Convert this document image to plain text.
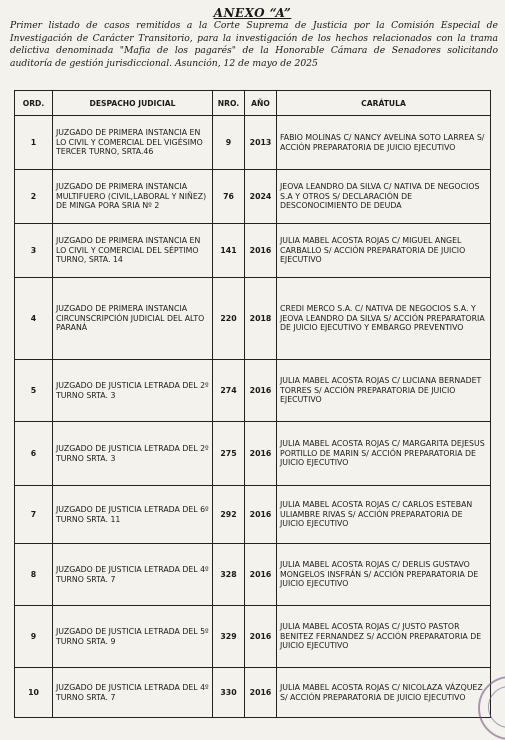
ANEXO “A”
Primer listado de casos remitidos a la Corte Suprema de Justicia por la Comisión Especial de Investigación de Carácter Transitorio, para la investigación de los hechos relacionados con la trama delictiva denominada "Mafia de los pagarés" de la Honorable Cámara de Senadores solicitando auditoría de gestión jurisdiccional. Asunción, 12 de mayo de 2025
ORD.	DESPACHO JUDICIAL	NRO.	AÑO	CARÁTULA
1	JUZGADO DE PRIMERA INSTANCIA EN LO CIVIL Y COMERCIAL DEL VIGÉSIMO TERCER TURNO, SRTA.46	9	2013	FABIO MOLINAS C/ NANCY AVELINA SOTO LARREA S/ ACCIÓN PREPARATORIA DE JUICIO EJECUTIVO
2	JUZGADO DE PRIMERA INSTANCIA MULTIFUERO (CIVIL,LABORAL Y NIÑEZ) DE MINGA PORA SRIA Nº 2	76	2024	JEOVA LEANDRO DA SILVA C/ NATIVA DE NEGOCIOS S.A Y OTROS S/ DECLARACIÓN DE DESCONOCIMIENTO DE DEUDA
3	JUZGADO DE PRIMERA INSTANCIA EN LO CIVIL Y COMERCIAL DEL SÉPTIMO TURNO, SRTA. 14	141	2016	JULIA MABEL ACOSTA ROJAS C/ MIGUEL ANGEL CARBALLO S/ ACCIÓN PREPARATORIA DE JUICIO EJECUTIVO
4	JUZGADO DE PRIMERA INSTANCIA CIRCUNSCRIPCIÓN JUDICIAL DEL ALTO PARANÁ	220	2018	CREDI MERCO S.A. C/ NATIVA DE NEGOCIOS S.A. Y JEOVA LEANDRO DA SILVA S/ ACCIÓN PREPARATORIA DE JUICIO EJECUTIVO Y EMBARGO PREVENTIVO
5	JUZGADO DE JUSTICIA LETRADA DEL 2º TURNO SRTA. 3	274	2016	JULIA MABEL ACOSTA ROJAS C/ LUCIANA BERNADET TORRES S/ ACCIÓN PREPARATORIA DE JUICIO EJECUTIVO
6	JUZGADO DE JUSTICIA LETRADA DEL 2º TURNO SRTA. 3	275	2016	JULIA MABEL ACOSTA ROJAS C/ MARGARITA DEJESUS PORTILLO DE MARIN S/ ACCIÓN PREPARATORIA DE JUICIO EJECUTIVO
7	JUZGADO DE JUSTICIA LETRADA DEL 6º TURNO SRTA. 11	292	2016	JULIA MABEL ACOSTA ROJAS C/ CARLOS ESTEBAN ULIAMBRE RIVAS S/ ACCIÓN PREPARATORIA DE JUICIO EJECUTIVO
8	JUZGADO DE JUSTICIA LETRADA DEL 4º TURNO SRTA. 7	328	2016	JULIA MABEL ACOSTA ROJAS C/ DERLIS GUSTAVO MONGELOS INSFRÁN S/ ACCIÓN PREPARATORIA DE JUICIO EJECUTIVO
9	JUZGADO DE JUSTICIA LETRADA DEL 5º TURNO SRTA. 9	329	2016	JULIA MABEL ACOSTA ROJAS C/ JUSTO PASTOR BENITEZ FERNANDEZ S/ ACCIÓN PREPARATORIA DE JUICIO EJECUTIVO
10	JUZGADO DE JUSTICIA LETRADA DEL 4º TURNO SRTA. 7	330	2016	JULIA MABEL ACOSTA ROJAS C/ NICOLAZA VÁZQUEZ S/ ACCIÓN PREPARATORIA DE JUICIO EJECUTIVO
